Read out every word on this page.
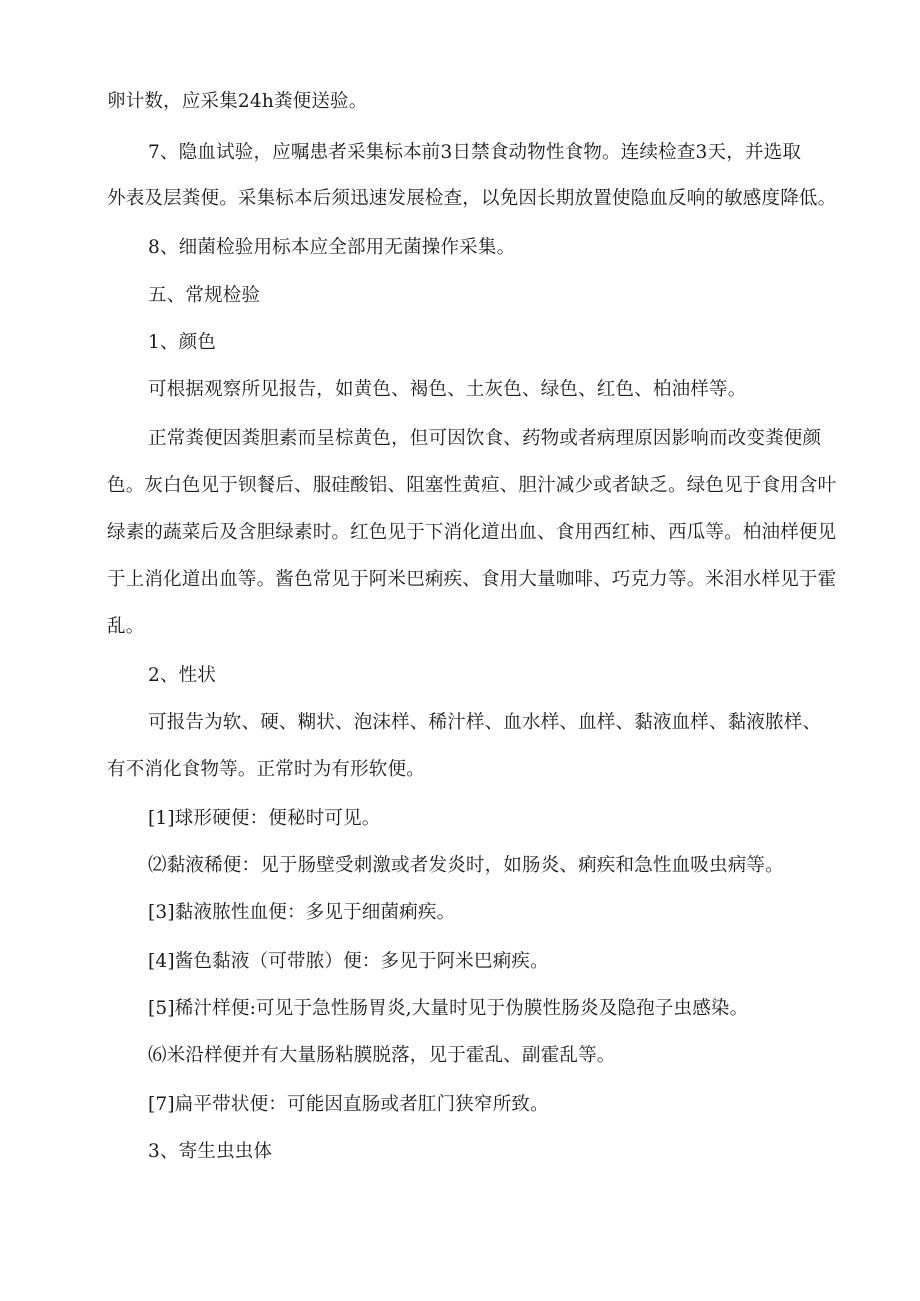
卵计数，应采集24h粪便送验。
7、隐血试验，应嘱患者采集标本前3日禁食动物性食物。连续检查3天，并选取
外表及层粪便。采集标本后须迅速发展检查，以免因长期放置使隐血反响的敏感度降低。
8、细菌检验用标本应全部用无菌操作采集。
五、常规检验
1、颜色
可根据观察所见报告，如黄色、褐色、土灰色、绿色、红色、柏油样等。
正常粪便因粪胆素而呈棕黄色，但可因饮食、药物或者病理原因影响而改变粪便颜
色。灰白色见于钡餐后、服硅酸铝、阻塞性黄疸、胆汁减少或者缺乏。绿色见于食用含叶
绿素的蔬菜后及含胆绿素时。红色见于下消化道出血、食用西红柿、西瓜等。柏油样便见
于上消化道出血等。酱色常见于阿米巴痢疾、食用大量咖啡、巧克力等。米泪水样见于霍
乱。
2、性状
可报告为软、硬、糊状、泡沫样、稀汁样、血水样、血样、黏液血样、黏液脓样、
有不消化食物等。正常时为有形软便。
[1]球形硬便：便秘时可见。
⑵黏液稀便：见于肠壁受刺激或者发炎时，如肠炎、痢疾和急性血吸虫病等。
[3]黏液脓性血便：多见于细菌痢疾。
[4]酱色黏液（可带脓）便：多见于阿米巴痢疾。
[5]稀汁样便:可见于急性肠胃炎,大量时见于伪膜性肠炎及隐孢子虫感染。
⑹米沿样便并有大量肠粘膜脱落，见于霍乱、副霍乱等。
[7]扁平带状便：可能因直肠或者肛门狭窄所致。
3、寄生虫虫体
